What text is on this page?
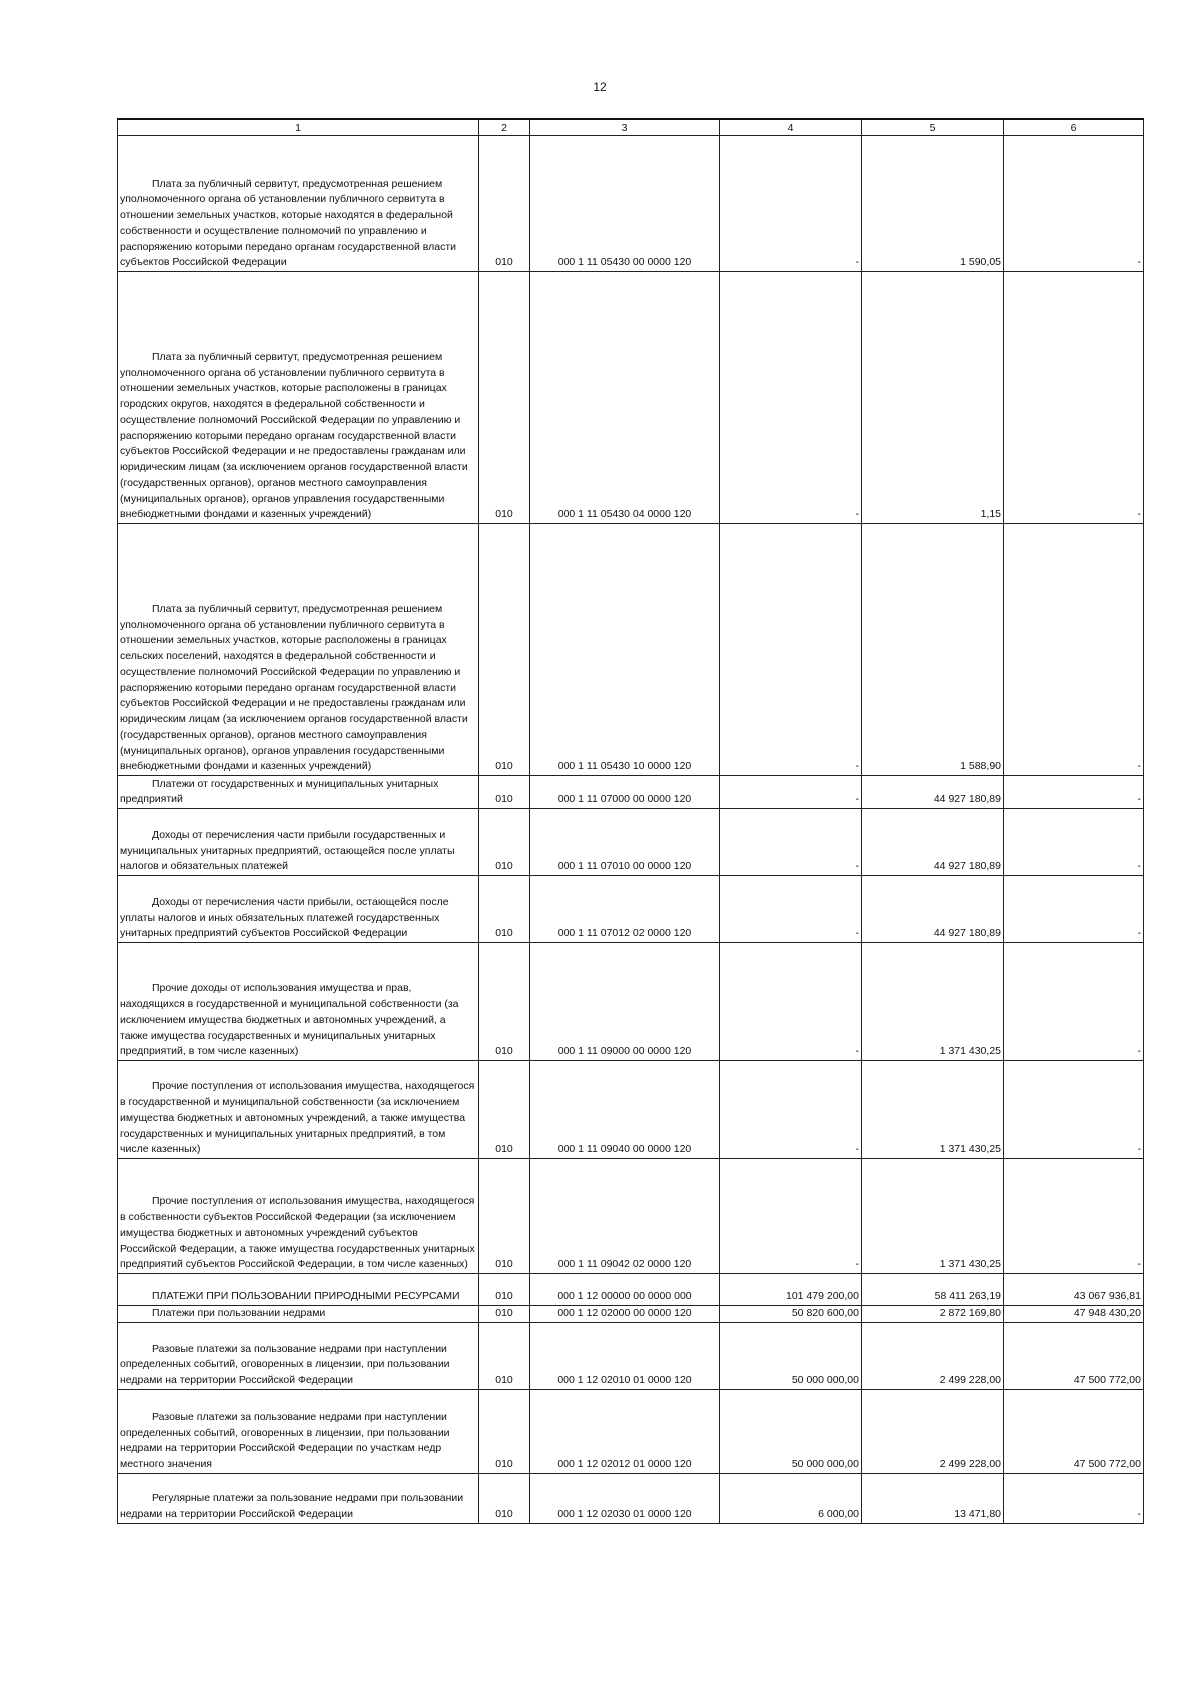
12
1	2	3	4	5	6

Плата за публичный сервитут, предусмотренная решением уполномоченного органа об установлении публичного сервитута в отношении земельных участков, которые находятся в федеральной собственности и осуществление полномочий по управлению и распоряжению которыми передано органам государственной власти субъектов Российской Федерации	010	000 1 11 05430 00 0000 120	-	1 590,05	-

Плата за публичный сервитут, предусмотренная решением уполномоченного органа об установлении публичного сервитута в отношении земельных участков, которые расположены в границах городских округов, находятся в федеральной собственности и осуществление полномочий Российской Федерации по управлению и распоряжению которыми передано органам государственной власти субъектов Российской Федерации и не предоставлены гражданам или юридическим лицам (за исключением органов государственной власти (государственных органов), органов местного самоуправления (муниципальных органов), органов управления государственными внебюджетными фондами и казенных учреждений)	010	000 1 11 05430 04 0000 120	-	1,15	-

Плата за публичный сервитут, предусмотренная решением уполномоченного органа об установлении публичного сервитута в отношении земельных участков, которые расположены в границах сельских поселений, находятся в федеральной собственности и осуществление полномочий Российской Федерации по управлению и распоряжению которыми передано органам государственной власти субъектов Российской Федерации и не предоставлены гражданам или юридическим лицам (за исключением органов государственной власти (государственных органов), органов местного самоуправления (муниципальных органов), органов управления государственными внебюджетными фондами и казенных учреждений)	010	000 1 11 05430 10 0000 120	-	1 588,90	-

Платежи от государственных и муниципальных унитарных предприятий	010	000 1 11 07000 00 0000 120	-	44 927 180,89	-

Доходы от перечисления части прибыли государственных и муниципальных унитарных предприятий, остающейся после уплаты налогов и обязательных платежей	010	000 1 11 07010 00 0000 120	-	44 927 180,89	-

Доходы от перечисления части прибыли, остающейся после уплаты налогов и иных обязательных платежей государственных унитарных предприятий субъектов Российской Федерации	010	000 1 11 07012 02 0000 120	-	44 927 180,89	-

Прочие доходы от использования имущества и прав, находящихся в государственной и муниципальной собственности (за исключением имущества бюджетных и автономных учреждений, а также имущества государственных и муниципальных унитарных предприятий, в том числе казенных)	010	000 1 11 09000 00 0000 120	-	1 371 430,25	-

Прочие поступления от использования имущества, находящегося в государственной и муниципальной собственности (за исключением имущества бюджетных и автономных учреждений, а также имущества государственных и муниципальных унитарных предприятий, в том числе казенных)	010	000 1 11 09040 00 0000 120	-	1 371 430,25	-

Прочие поступления от использования имущества, находящегося в собственности субъектов Российской Федерации (за исключением имущества бюджетных и автономных учреждений субъектов Российской Федерации, а также имущества государственных унитарных предприятий субъектов Российской Федерации, в том числе казенных)	010	000 1 11 09042 02 0000 120	-	1 371 430,25	-

ПЛАТЕЖИ ПРИ ПОЛЬЗОВАНИИ ПРИРОДНЫМИ РЕСУРСАМИ	010	000 1 12 00000 00 0000 000	101 479 200,00	58 411 263,19	43 067 936,81

Платежи при пользовании недрами	010	000 1 12 02000 00 0000 120	50 820 600,00	2 872 169,80	47 948 430,20

Разовые платежи за пользование недрами при наступлении определенных событий, оговоренных в лицензии, при пользовании недрами на территории Российской Федерации	010	000 1 12 02010 01 0000 120	50 000 000,00	2 499 228,00	47 500 772,00

Разовые платежи за пользование недрами при наступлении определенных событий, оговоренных в лицензии, при пользовании недрами на территории Российской Федерации по участкам недр местного значения	010	000 1 12 02012 01 0000 120	50 000 000,00	2 499 228,00	47 500 772,00

Регулярные платежи за пользование недрами при пользовании недрами на территории Российской Федерации	010	000 1 12 02030 01 0000 120	6 000,00	13 471,80	-
